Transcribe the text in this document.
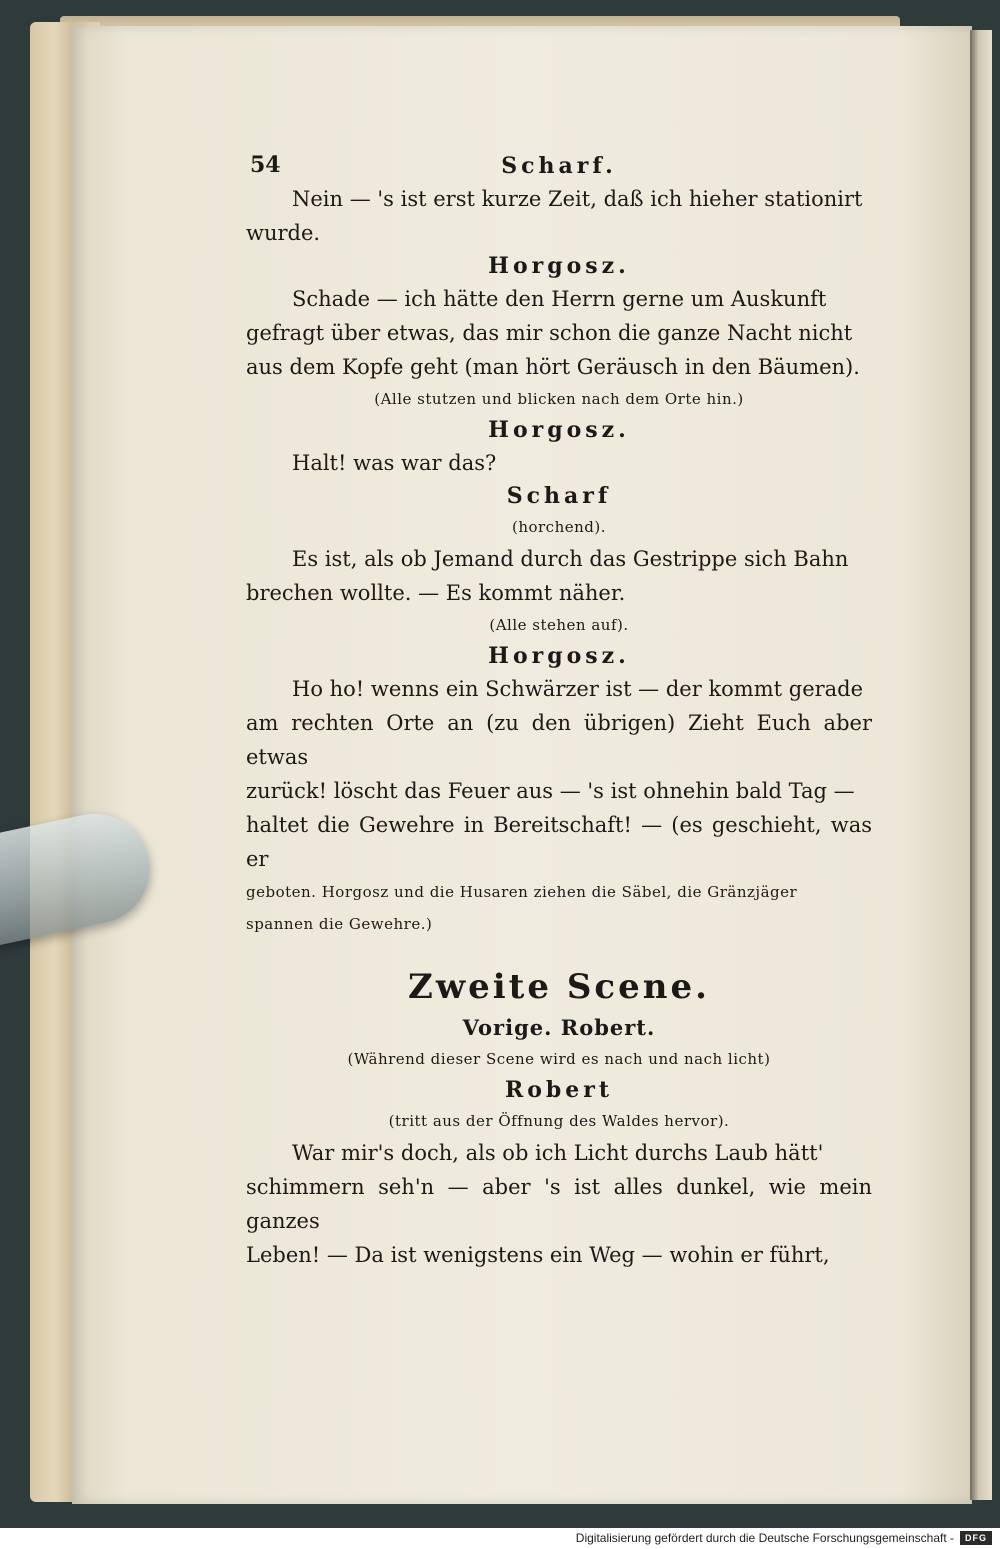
54	Scharf.

Nein — 's ist erst kurze Zeit, daß ich hieher stationirt

wurde.

Horgosz.

Schade — ich hätte den Herrn gerne um Auskunft

gefragt über etwas, das mir schon die ganze Nacht nicht

aus dem Kopfe geht (man hört Geräusch in den Bäumen).

(Alle stutzen und blicken nach dem Orte hin.)

Horgosz.

Halt! was war das?

Scharf

(horchend).

Es ist, als ob Jemand durch das Gestrippe sich Bahn

brechen wollte. — Es kommt näher.

(Alle stehen auf).

Horgosz.

Ho ho! wenns ein Schwärzer ist — der kommt gerade

am rechten Orte an (zu den übrigen) Zieht Euch aber etwas

zurück! löscht das Feuer aus — 's ist ohnehin bald Tag —

haltet die Gewehre in Bereitschaft! — (es geschieht, was er

geboten. Horgosz und die Husaren ziehen die Säbel, die Gränzjäger

spannen die Gewehre.)

Zweite Scene.

Vorige. Robert.

(Während dieser Scene wird es nach und nach licht)

Robert

(tritt aus der Öffnung des Waldes hervor).

War mir's doch, als ob ich Licht durchs Laub hätt'

schimmern seh'n — aber 's ist alles dunkel, wie mein ganzes

Leben! — Da ist wenigstens ein Weg — wohin er führt,

Digitalisierung gefördert durch die Deutsche Forschungsgemeinschaft -	DFG
